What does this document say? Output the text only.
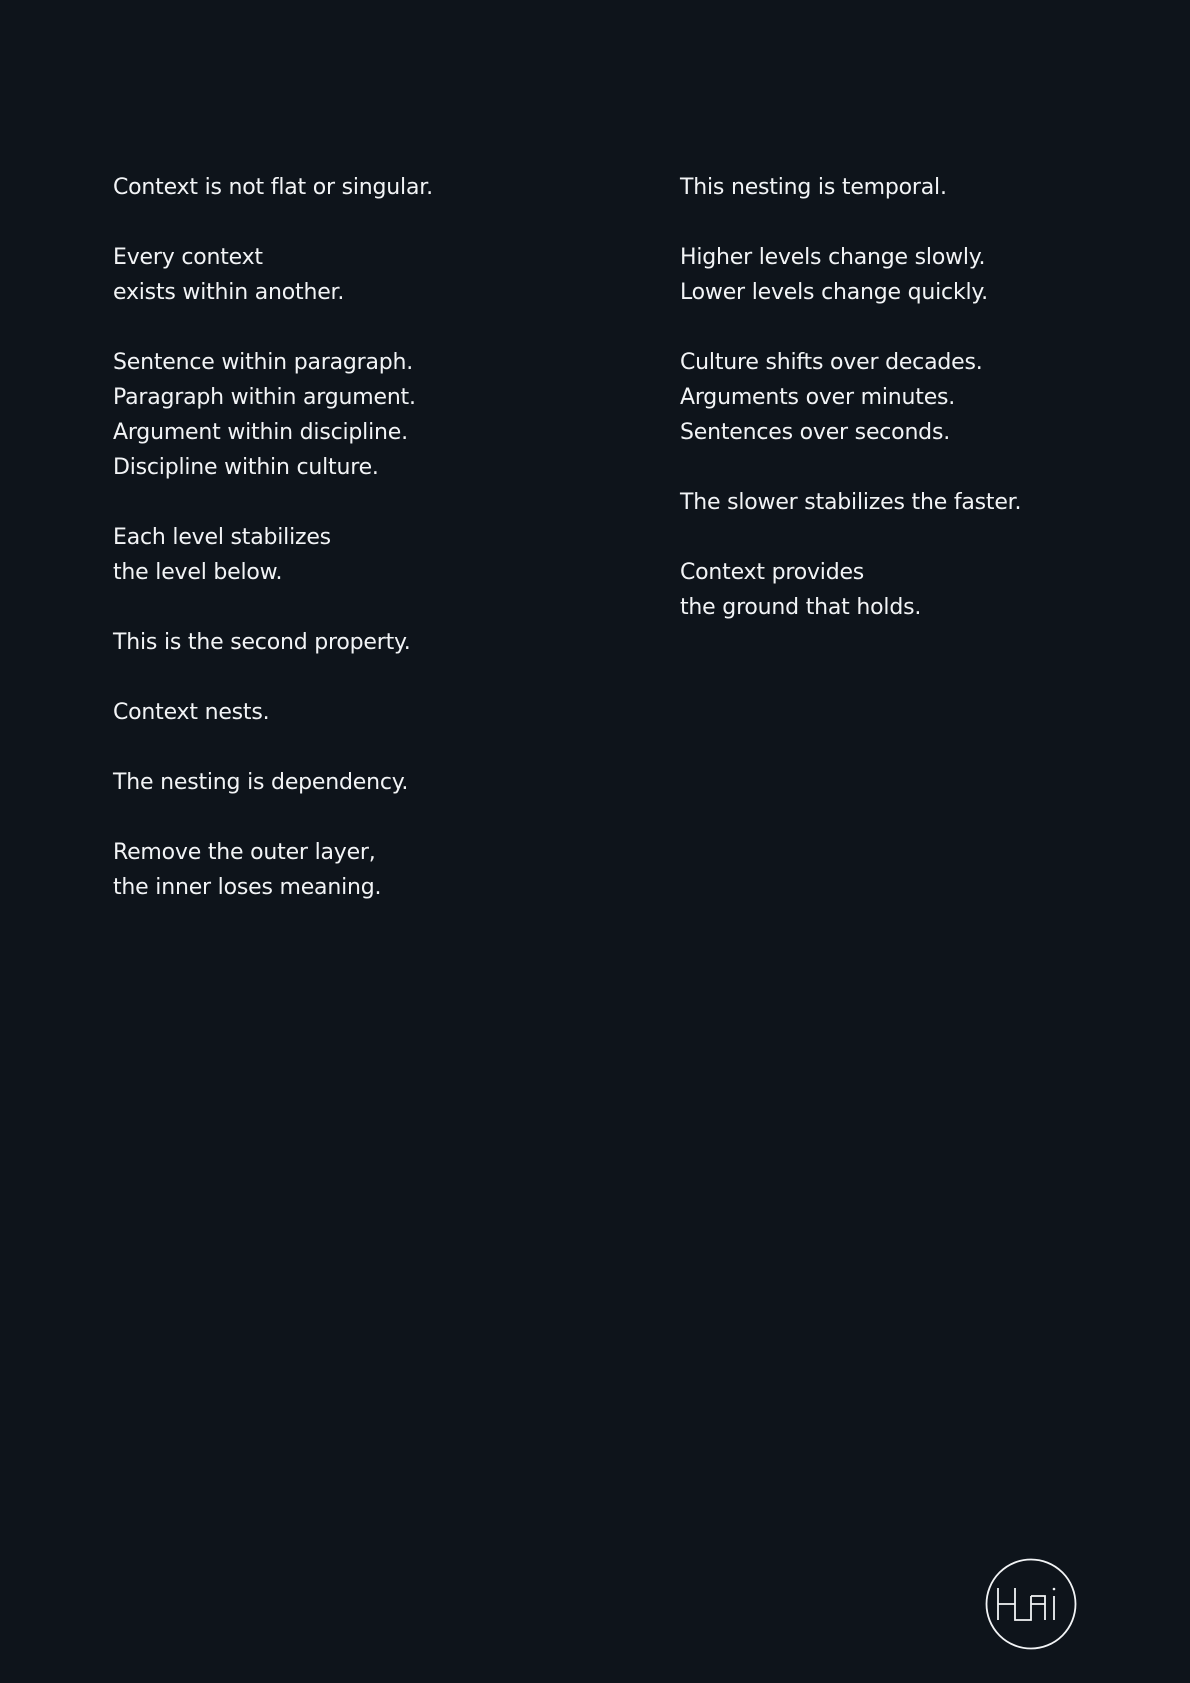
Context is not flat or singular.

Every context
exists within another.

Sentence within paragraph.
Paragraph within argument.
Argument within discipline.
Discipline within culture.

Each level stabilizes
the level below.

This is the second property.

Context nests.

The nesting is dependency.

Remove the outer layer,
the inner loses meaning.

This nesting is temporal.

Higher levels change slowly.
Lower levels change quickly.

Culture shifts over decades.
Arguments over minutes.
Sentences over seconds.

The slower stabilizes the faster.

Context provides
the ground that holds.
